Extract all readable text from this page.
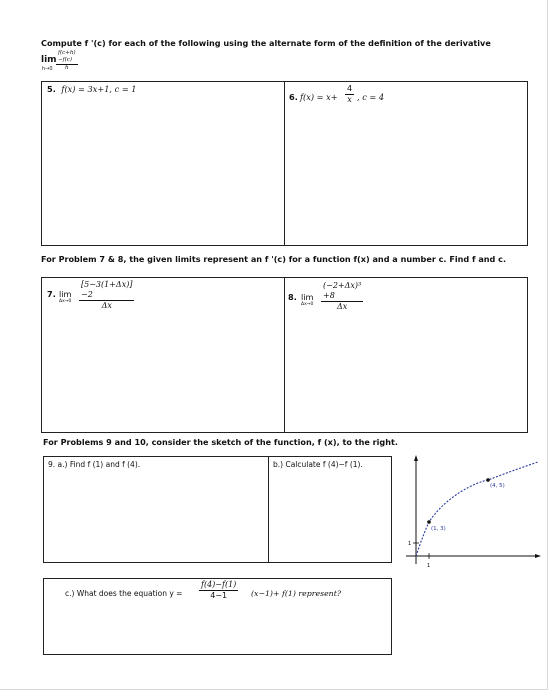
Compute f '(c) for each of the following using the alternate form of the definition of the derivative
lim
$h\to 0 \frac{f(c+h)-f(c)}{h}$
5. f(x) = 3x+1, c = 1
6. $f(x) = x+ \frac{4}{x}$ , c = 4
For Problem 7 & 8, the given limits represent an f '(c) for a function f(x) and a number c. Find f and c.
7. lim
$\Delta x\to 0 \frac{[5-3(1+\Delta x)]-2}{\Delta x}$	8. lim
$\Delta x\to 0 \frac{\text{(−2+Δx)³ +8}}{\Delta x}$
For Problems 9 and 10, consider the sketch of the function, f (x), to the right.
9. a.) Find f (1) and f (4).	b.) Calculate f (4)−f (1).
1
1
(1, 3)
(4, 5)
c.) What does the equation $y = \frac{f(4)-f(1)}{4-1} (x-1)+ f(1)$ represent?
